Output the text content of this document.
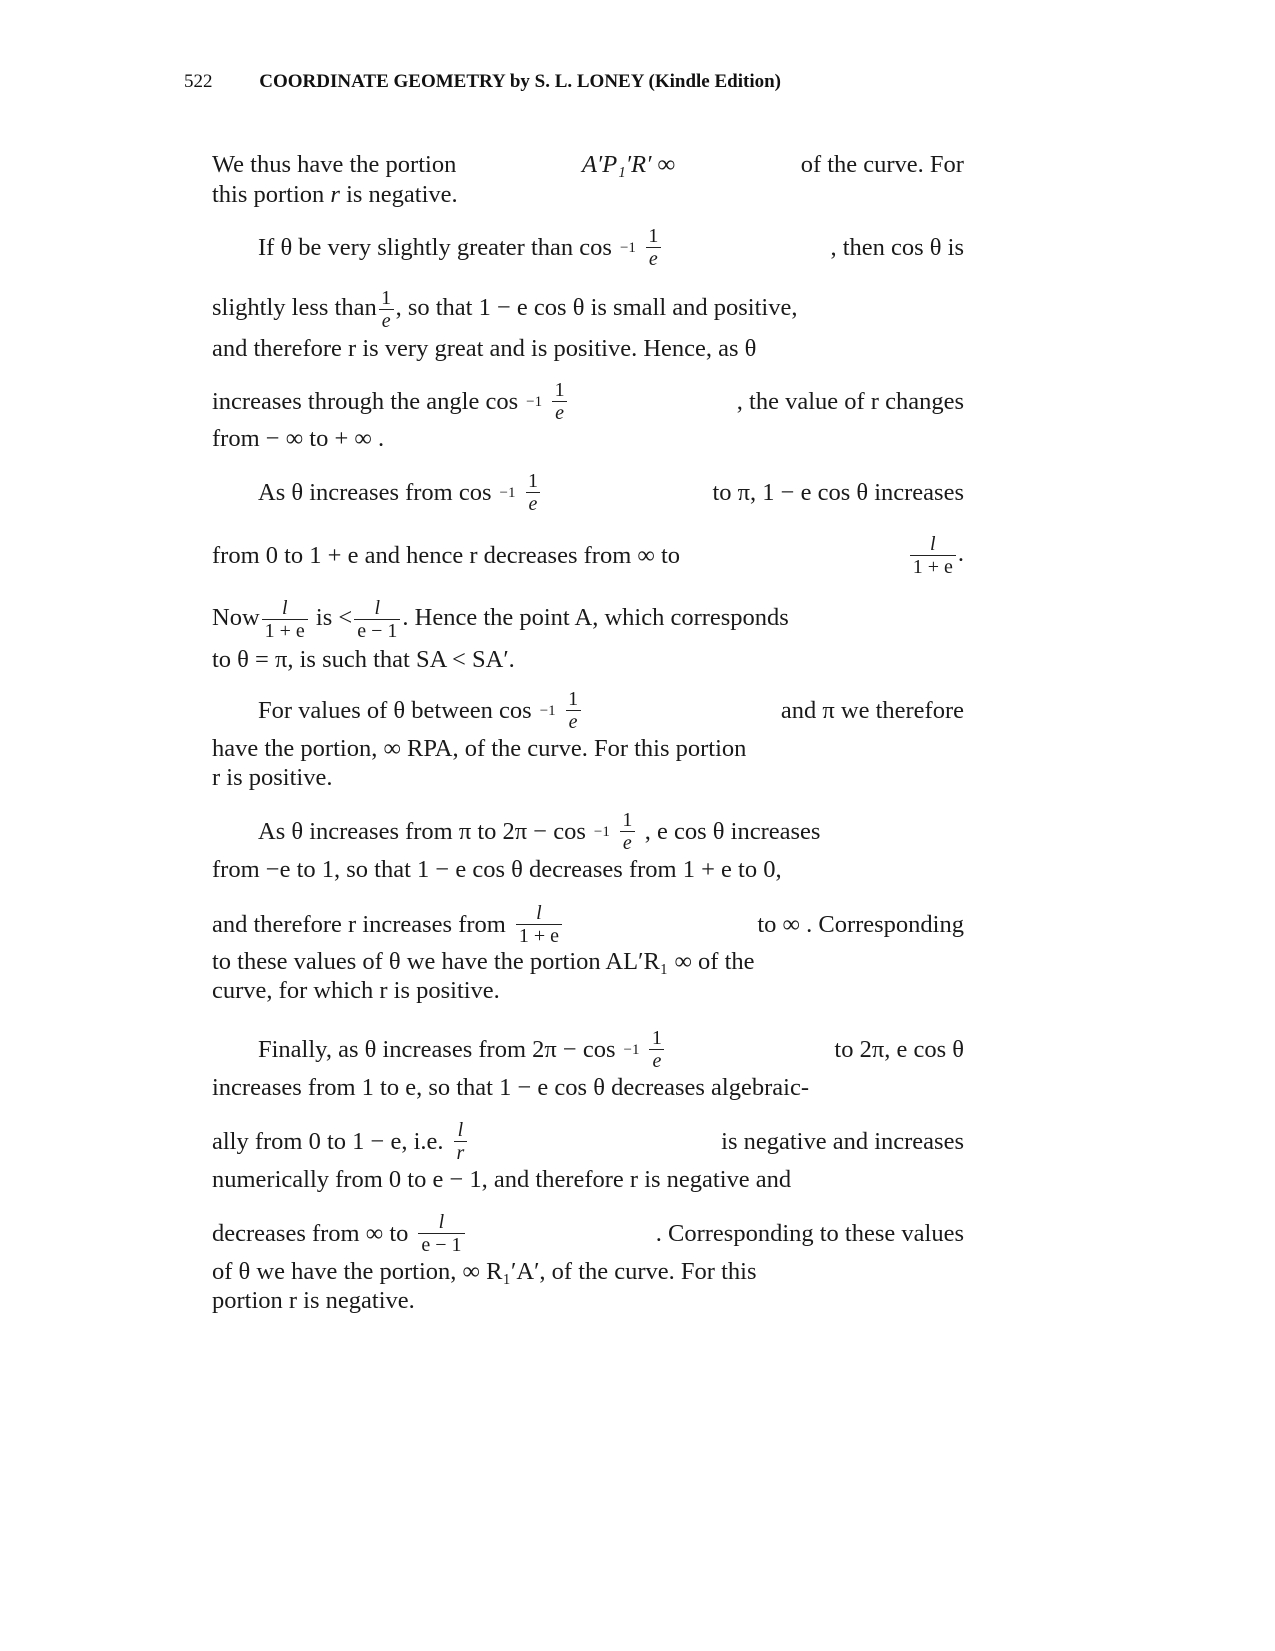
522 COORDINATE GEOMETRY by S. L. LONEY (Kindle Edition)
We thus have the portion	A′P₁′R′ ∞	of the curve. For
this portion r is negative.
If θ be very slightly greater than $\cos -1 \frac{1}{e}$	, then cos θ is
slightly less than $\frac{1}{e}$ , so that 1 − e cos θ is small and positive,
and therefore r is very great and is positive. Hence, as θ
increases through the angle $\cos -1 \frac{1}{e}$	, the value of r changes
from − ∞ to + ∞ .
As θ increases from $\cos -1 \frac{1}{e}$	to π, 1 − e cos θ increases
from 0 to 1 + e and hence r decreases from ∞ to	$\frac{l}{1 + e}$ .
Now $\frac{l}{1 + e}$ is < $\frac{l}{e - 1}$ . Hence the point A, which corresponds
to θ = π, is such that SA < SA′.
For values of θ between $\cos -1 \frac{1}{e}$	and π we therefore
have the portion, ∞ RPA, of the curve. For this portion
r is positive.
As θ increases from π to $2\pi - \cos -1 \frac{1}{e}$ , e cos θ increases
from −e to 1, so that 1 − e cos θ decreases from 1 + e to 0,
and therefore r increases from $\frac{l}{1 + e}$	to ∞ . Corresponding
to these values of θ we have the portion AL′R₁ ∞ of the
curve, for which r is positive.
Finally, as θ increases from $2\pi - \cos -1 \frac{1}{e}$	to 2π, e cos θ
increases from 1 to e, so that 1 − e cos θ decreases algebraic-
ally from 0 to 1 − e, i.e. $\frac{l}{r}$	is negative and increases
numerically from 0 to e − 1, and therefore r is negative and
decreases from ∞ to $\frac{l}{e - 1}$	. Corresponding to these values
of θ we have the portion, ∞ R₁′A′, of the curve. For this
portion r is negative.
